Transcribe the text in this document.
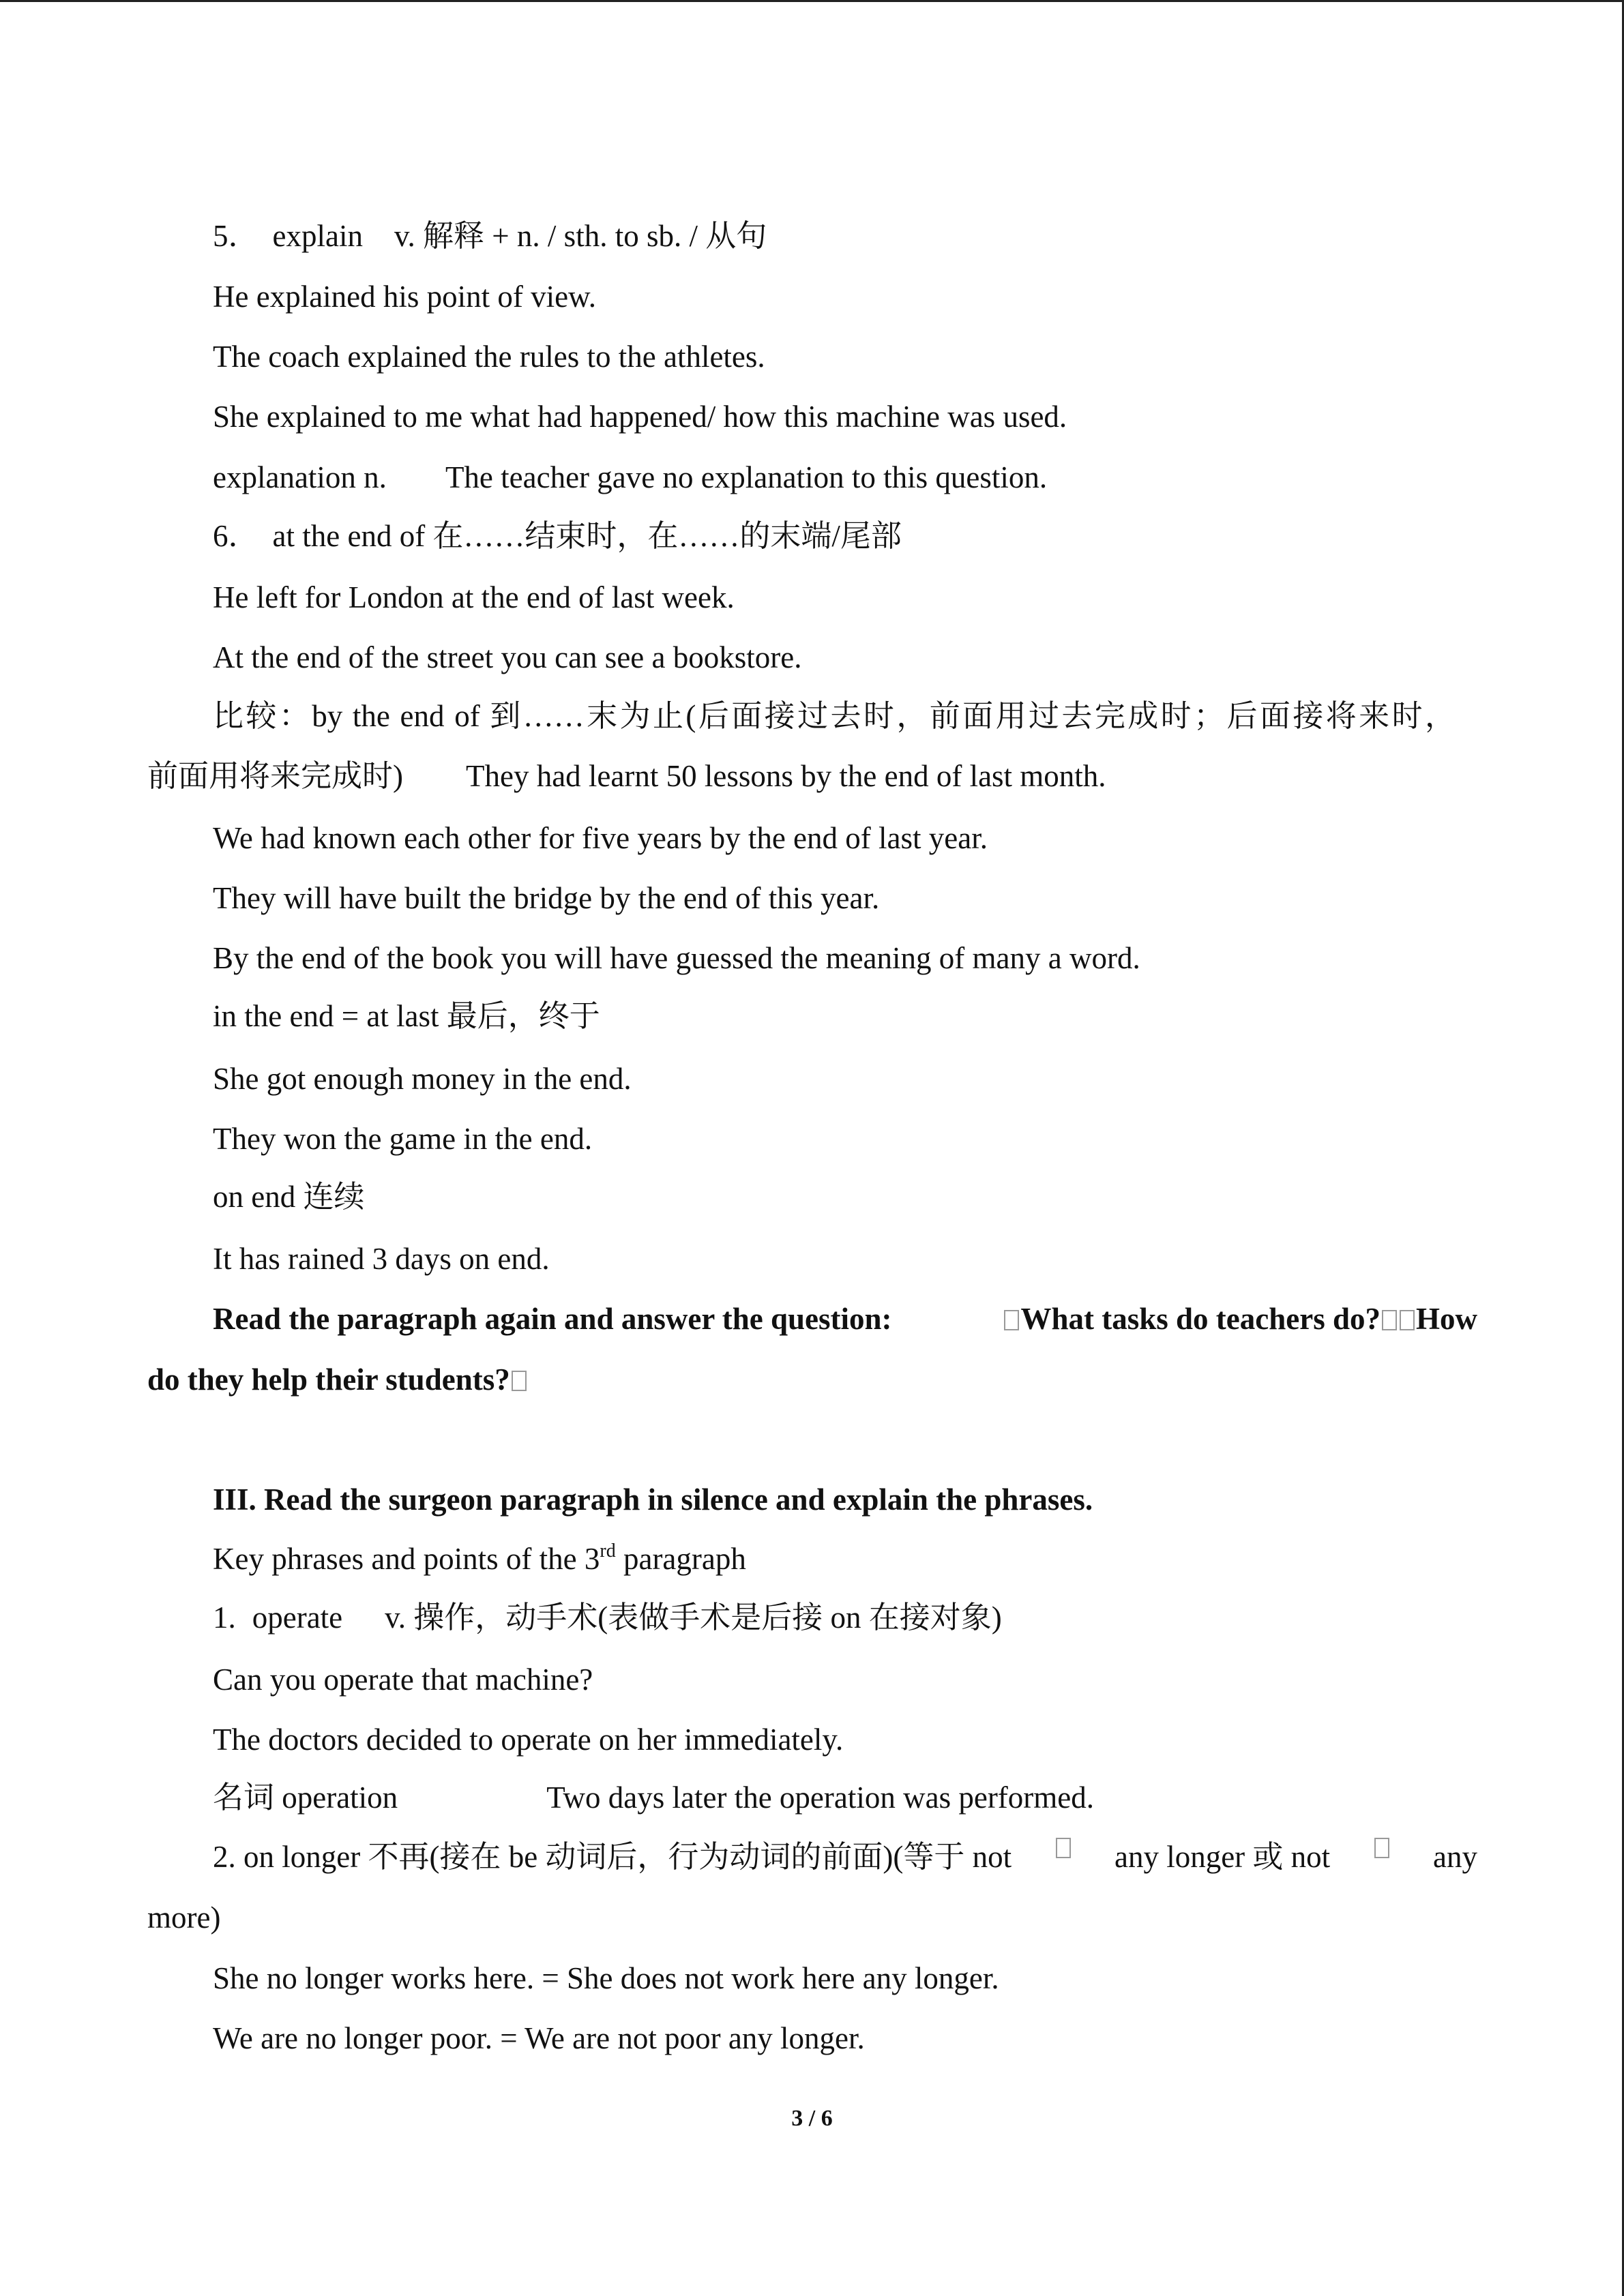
5． explain v. 解释 + n. / sth. to sb. / 从句
He explained his point of view.
The coach explained the rules to the athletes.
She explained to me what had happened/ how this machine was used.
explanation n. The teacher gave no explanation to this question.
6． at the end of 在……结束时，在……的末端/尾部
He left for London at the end of last week.
At the end of the street you can see a bookstore.
比较：by the end of 到……末为止(后面接过去时，前面用过去完成时；后面接将来时，
前面用将来完成时) They had learnt 50 lessons by the end of last month.
We had known each other for five years by the end of last year.
They will have built the bridge by the end of this year.
By the end of the book you will have guessed the meaning of many a word.
in the end = at last 最后，终于
She got enough money in the end.
They won the game in the end.
on end 连续
It has rained 3 days on end.
Read the paragraph again and answer the question:	What tasks do teachers do? How
do they help their students?
III. Read the surgeon paragraph in silence and explain the phrases.
Key phrases and points of the 3rd paragraph
1. operate v. 操作，动手术(表做手术是后接 on 在接对象)
Can you operate that machine?
The doctors decided to operate on her immediately.
名词 operation	Two days later the operation was performed.
2. on longer 不再(接在 be 动词后，行为动词的前面)(等于 not	any longer 或 not	any
more)
She no longer works here. = She does not work here any longer.
We are no longer poor. = We are not poor any longer.
3 / 6
